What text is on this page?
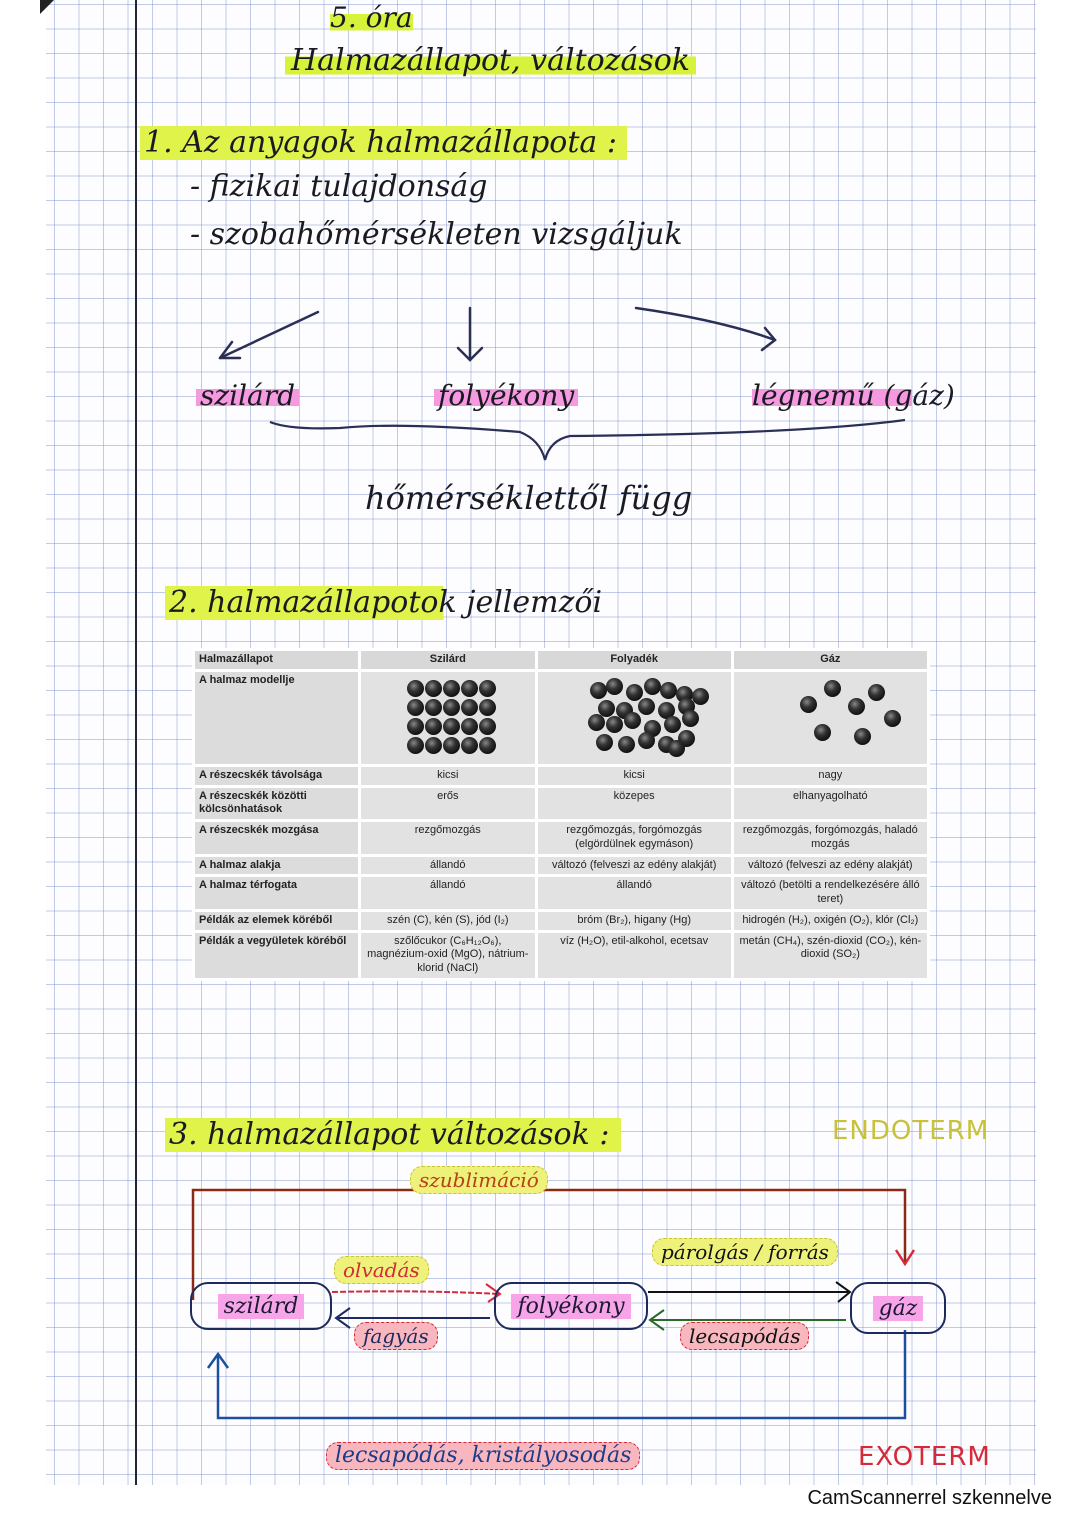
5. óra
Halmazállapot, változások
1. Az anyagok halmazállapota :
- fizikai tulajdonság
- szobahőmérsékleten vizsgáljuk
szilárd	folyékony	légnemű (gáz)
hőmérséklettől függ
2. halmazállapotok jellemzői
Halmazállapot	Szilárd	Folyadék	Gáz
A halmaz modellje	

A részecskék távolsága	kicsi	kicsi	nagy
A részecskék közötti kölcsönhatások	erős	közepes	elhanyagolható
A részecskék mozgása	rezgőmozgás	rezgőmozgás, forgómozgás (elgördülnek egymáson)	rezgőmozgás, forgómozgás, haladó mozgás
A halmaz alakja	állandó	változó (felveszi az edény alakját)	változó (felveszi az edény alakját)
A halmaz térfogata	állandó	állandó	változó (betölti a rendelkezésére álló teret)
Példák az elemek köréből	szén (C), kén (S), jód (I₂)	bróm (Br₂), higany (Hg)	hidrogén (H₂), oxigén (O₂), klór (Cl₂)
Példák a vegyületek köréből	szőlőcukor (C₆H₁₂O₆), magnézium-oxid (MgO), nátrium-klorid (NaCl)	víz (H₂O), etil-alkohol, ecetsav	metán (CH₄), szén-dioxid (CO₂), kén-dioxid (SO₂)
3. halmazállapot változások :	ENDOTERM
szublimáció
olvadás
fagyás
párolgás / forrás
lecsapódás
lecsapódás, kristályosodás	EXOTERM
szilárd	folyékony	gáz
CamScannerrel szkennelve
